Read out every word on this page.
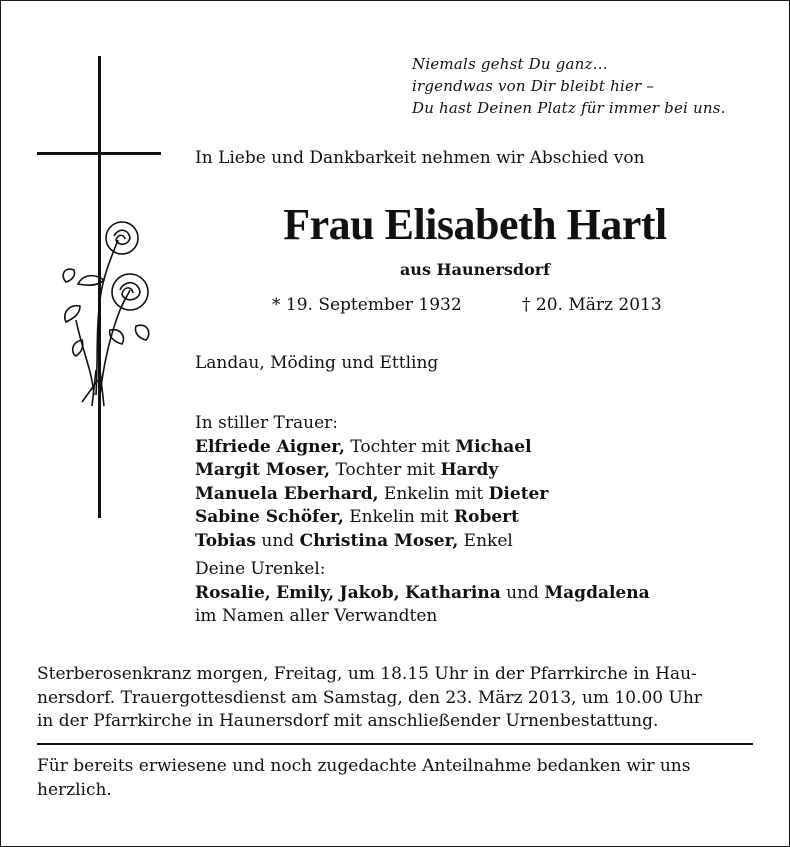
Niemals gehst Du ganz…
irgendwas von Dir bleibt hier –
Du hast Deinen Platz für immer bei uns.
In Liebe und Dankbarkeit nehmen wir Abschied von
Frau Elisabeth Hartl
aus Haunersdorf
* 19. September 1932	† 20. März 2013
Landau, Möding und Ettling
In stiller Trauer:
Elfriede Aigner, Tochter mit Michael
Margit Moser, Tochter mit Hardy
Manuela Eberhard, Enkelin mit Dieter
Sabine Schöfer, Enkelin mit Robert
Tobias und Christina Moser, Enkel
Deine Urenkel:
Rosalie, Emily, Jakob, Katharina und Magdalena
im Namen aller Verwandten
Sterberosenkranz morgen, Freitag, um 18.15 Uhr in der Pfarrkirche in Hau-
nersdorf. Trauergottesdienst am Samstag, den 23. März 2013, um 10.00 Uhr
in der Pfarrkirche in Haunersdorf mit anschließender Urnenbestattung.
Für bereits erwiesene und noch zugedachte Anteilnahme bedanken wir uns
herzlich.
